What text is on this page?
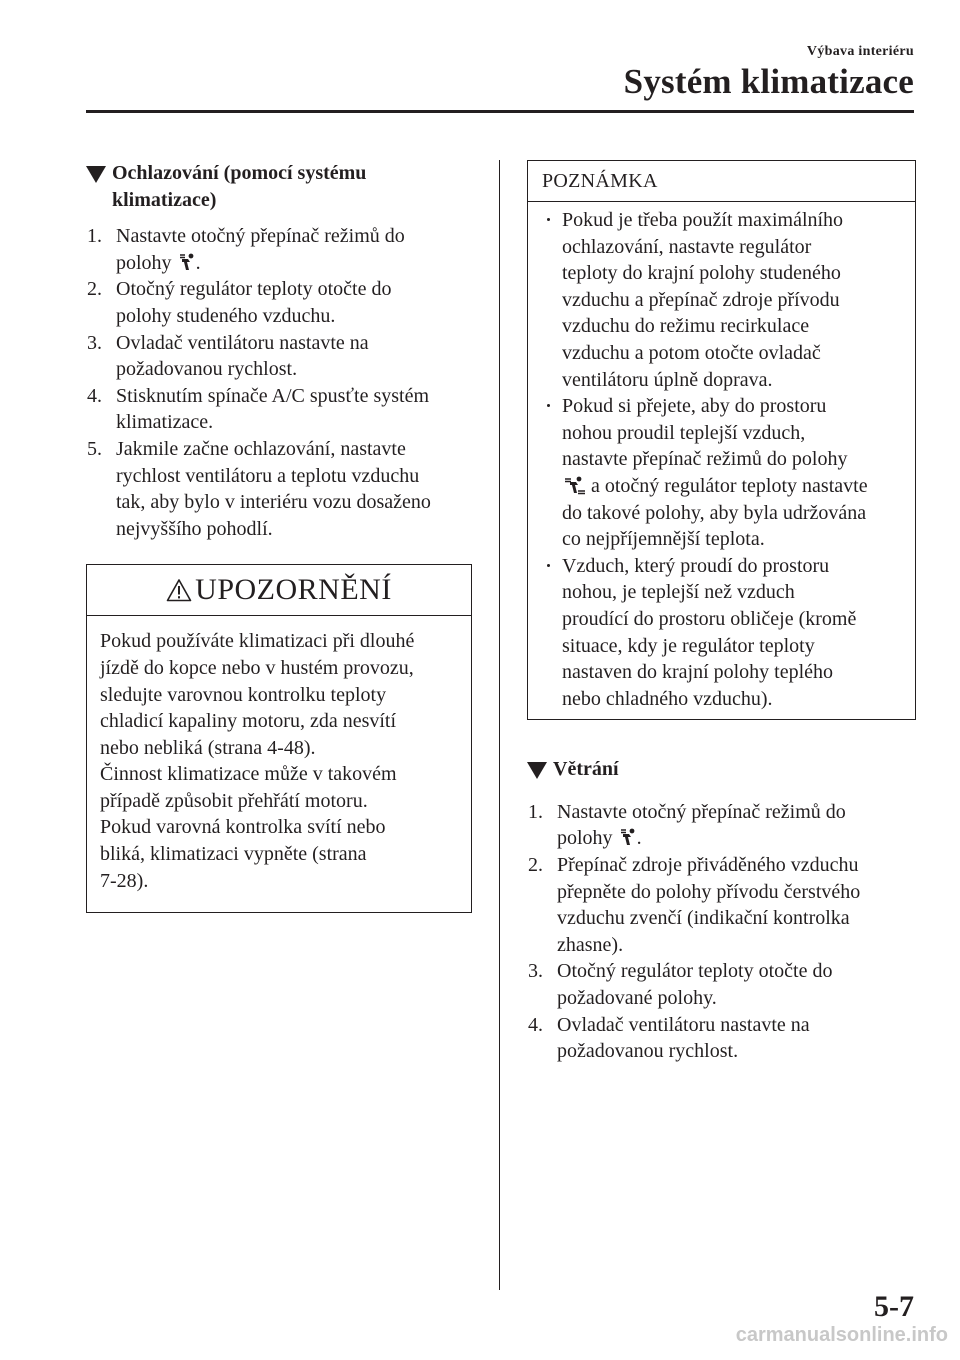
Výbava interiéru
Systém klimatizace
Ochlazování (pomocí systému
klimatizace)
1. Nastavte otočný přepínač režimů do
polohy .
2. Otočný regulátor teploty otočte do
polohy studeného vzduchu.
3. Ovladač ventilátoru nastavte na
požadovanou rychlost.
4. Stisknutím spínače A/C spusťte systém
klimatizace.
5. Jakmile začne ochlazování, nastavte
rychlost ventilátoru a teplotu vzduchu
tak, aby bylo v interiéru vozu dosaženo
nejvyššího pohodlí.
UPOZORNĚNÍ
Pokud používáte klimatizaci při dlouhé
jízdě do kopce nebo v hustém provozu,
sledujte varovnou kontrolku teploty
chladicí kapaliny motoru, zda nesvítí
nebo nebliká (strana 4-48).
Činnost klimatizace může v takovém
případě způsobit přehřátí motoru.
Pokud varovná kontrolka svítí nebo
bliká, klimatizaci vypněte (strana
7-28).
POZNÁMKA
Pokud je třeba použít maximálního
ochlazování, nastavte regulátor
teploty do krajní polohy studeného
vzduchu a přepínač zdroje přívodu
vzduchu do režimu recirkulace
vzduchu a potom otočte ovladač
ventilátoru úplně doprava.
Pokud si přejete, aby do prostoru
nohou proudil teplejší vzduch,
nastavte přepínač režimů do polohy
a otočný regulátor teploty nastavte
do takové polohy, aby byla udržována
co nejpříjemnější teplota.
Vzduch, který proudí do prostoru
nohou, je teplejší než vzduch
proudící do prostoru obličeje (kromě
situace, kdy je regulátor teploty
nastaven do krajní polohy teplého
nebo chladného vzduchu).
Větrání
1. Nastavte otočný přepínač režimů do
polohy .
2. Přepínač zdroje přiváděného vzduchu
přepněte do polohy přívodu čerstvého
vzduchu zvenčí (indikační kontrolka
zhasne).
3. Otočný regulátor teploty otočte do
požadované polohy.
4. Ovladač ventilátoru nastavte na
požadovanou rychlost.
5-7
carmanualsonline.info
